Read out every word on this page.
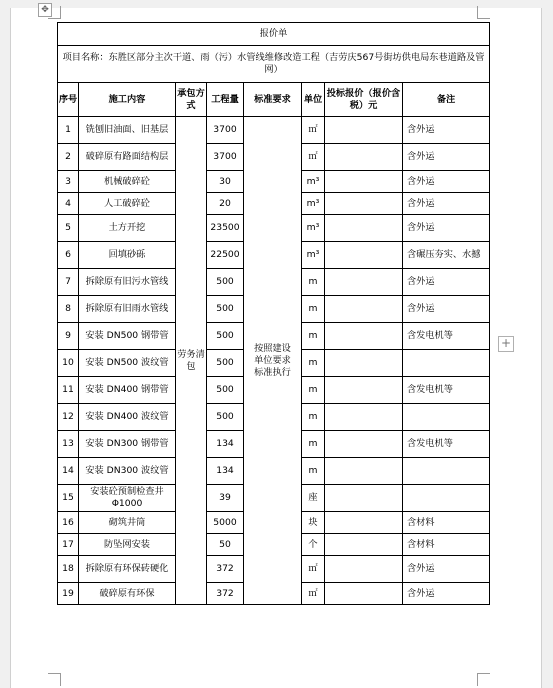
✥
+
报价单							
项目名称：东胜区部分主次干道、雨（污）水管线维修改造工程（吉劳庆567号街坊供电局东巷道路及管网）							
序号	施工内容	承包方式	工程量	标准要求	单位	投标报价（报价含税）元	备注
1	铣刨旧油面、旧基层	劳务清包	3700	按照建设单位要求标准执行	㎡		含外运
2	破碎原有路面结构层		3700		㎡		含外运
3	机械破碎砼		30		m³		含外运
4	人工破碎砼		20		m³		含外运
5	土方开挖		23500		m³		含外运
6	回填砂砾		22500		m³		含碾压夯实、水撼
7	拆除原有旧污水管线		500		m		含外运
8	拆除原有旧雨水管线		500		m		含外运
9	安装 DN500 钢带管		500		m		含发电机等
10	安装 DN500 波纹管		500		m		
11	安装 DN400 钢带管		500		m		含发电机等
12	安装 DN400 波纹管		500		m		
13	安装 DN300 钢带管		134		m		含发电机等
14	安装 DN300 波纹管		134		m		
15	安装砼预制检查井Φ1000		39		座		
16	砌筑井筒		5000		块		含材料
17	防坠网安装		50		个		含材料
18	拆除原有环保砖硬化		372		㎡		含外运
19	破碎原有环保		372		㎡		含外运
